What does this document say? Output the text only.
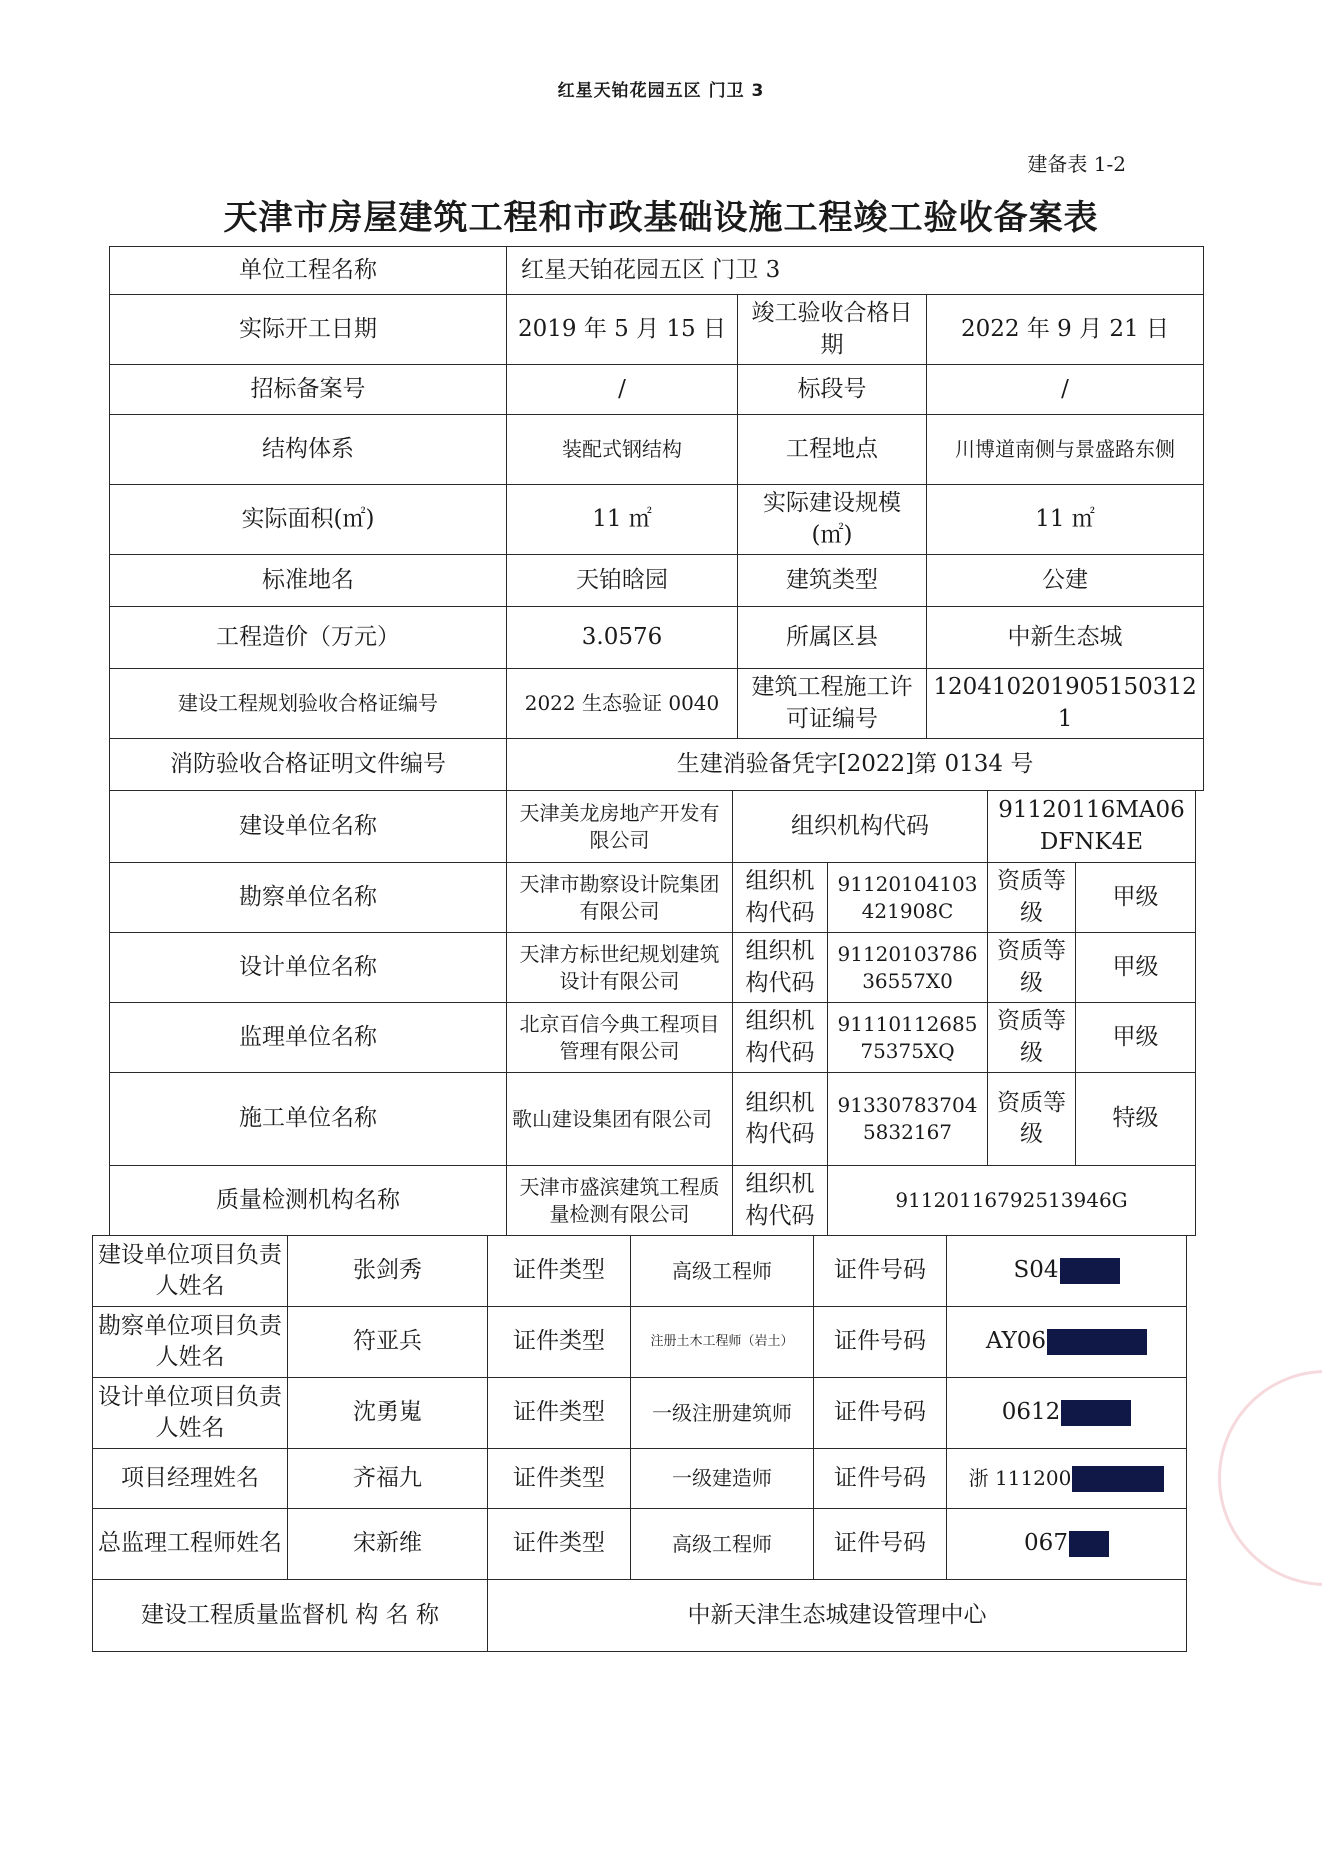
红星天铂花园五区 门卫 3
建备表 1-2
天津市房屋建筑工程和市政基础设施工程竣工验收备案表
单位工程名称	红星天铂花园五区 门卫 3		
实际开工日期	2019 年 5 月 15 日	竣工验收合格日期	2022 年 9 月 21 日
招标备案号	/	标段号	/
结构体系	装配式钢结构	工程地点	川博道南侧与景盛路东侧
实际面积(㎡)	11 ㎡	实际建设规模(㎡)	11 ㎡
标准地名	天铂晗园	建筑类型	公建
工程造价（万元）	3.0576	所属区县	中新生态城
建设工程规划验收合格证编号	2022 生态验证 0040	建筑工程施工许可证编号	120410201905150312​1
消防验收合格证明文件编号	生建消验备凭字[2022]第 0134 号		
建设单位名称	天津美龙房地产开发有限公司	组织机构代码		91120116MA06DFNK4E	
勘察单位名称	天津市勘察设计院集团有限公司	组织机构代码	91120104103421908C	资质等级	甲级
设计单位名称	天津方标世纪规划建筑设计有限公司	组织机构代码	911201037863655​7X0	资质等级	甲级
监理单位名称	北京百信今典工程项目管理有限公司	组织机构代码	9111011268575375XQ	资质等级	甲级
施工单位名称	歌山建设集团有限公司	组织机构代码	913307837045832167	资质等级	特级
质量检测机构名称	天津市盛滨建筑工程质量检测有限公司	组织机构代码	91120116792513946G		
建设单位项目负责人姓名	张剑秀	证件类型	高级工程师	证件号码	S04
勘察单位项目负责人姓名	符亚兵	证件类型	注册土木工程师（岩土）	证件号码	AY06
设计单位项目负责人姓名	沈勇嵬	证件类型	一级注册建筑师	证件号码	0612
项目经理姓名	齐福九	证件类型	一级建造师	证件号码	浙 111200
总监理工程师姓名	宋新维	证件类型	高级工程师	证件号码	067
建设工程质量监督机 构 名 称		中新天津生态城建设管理中心			
